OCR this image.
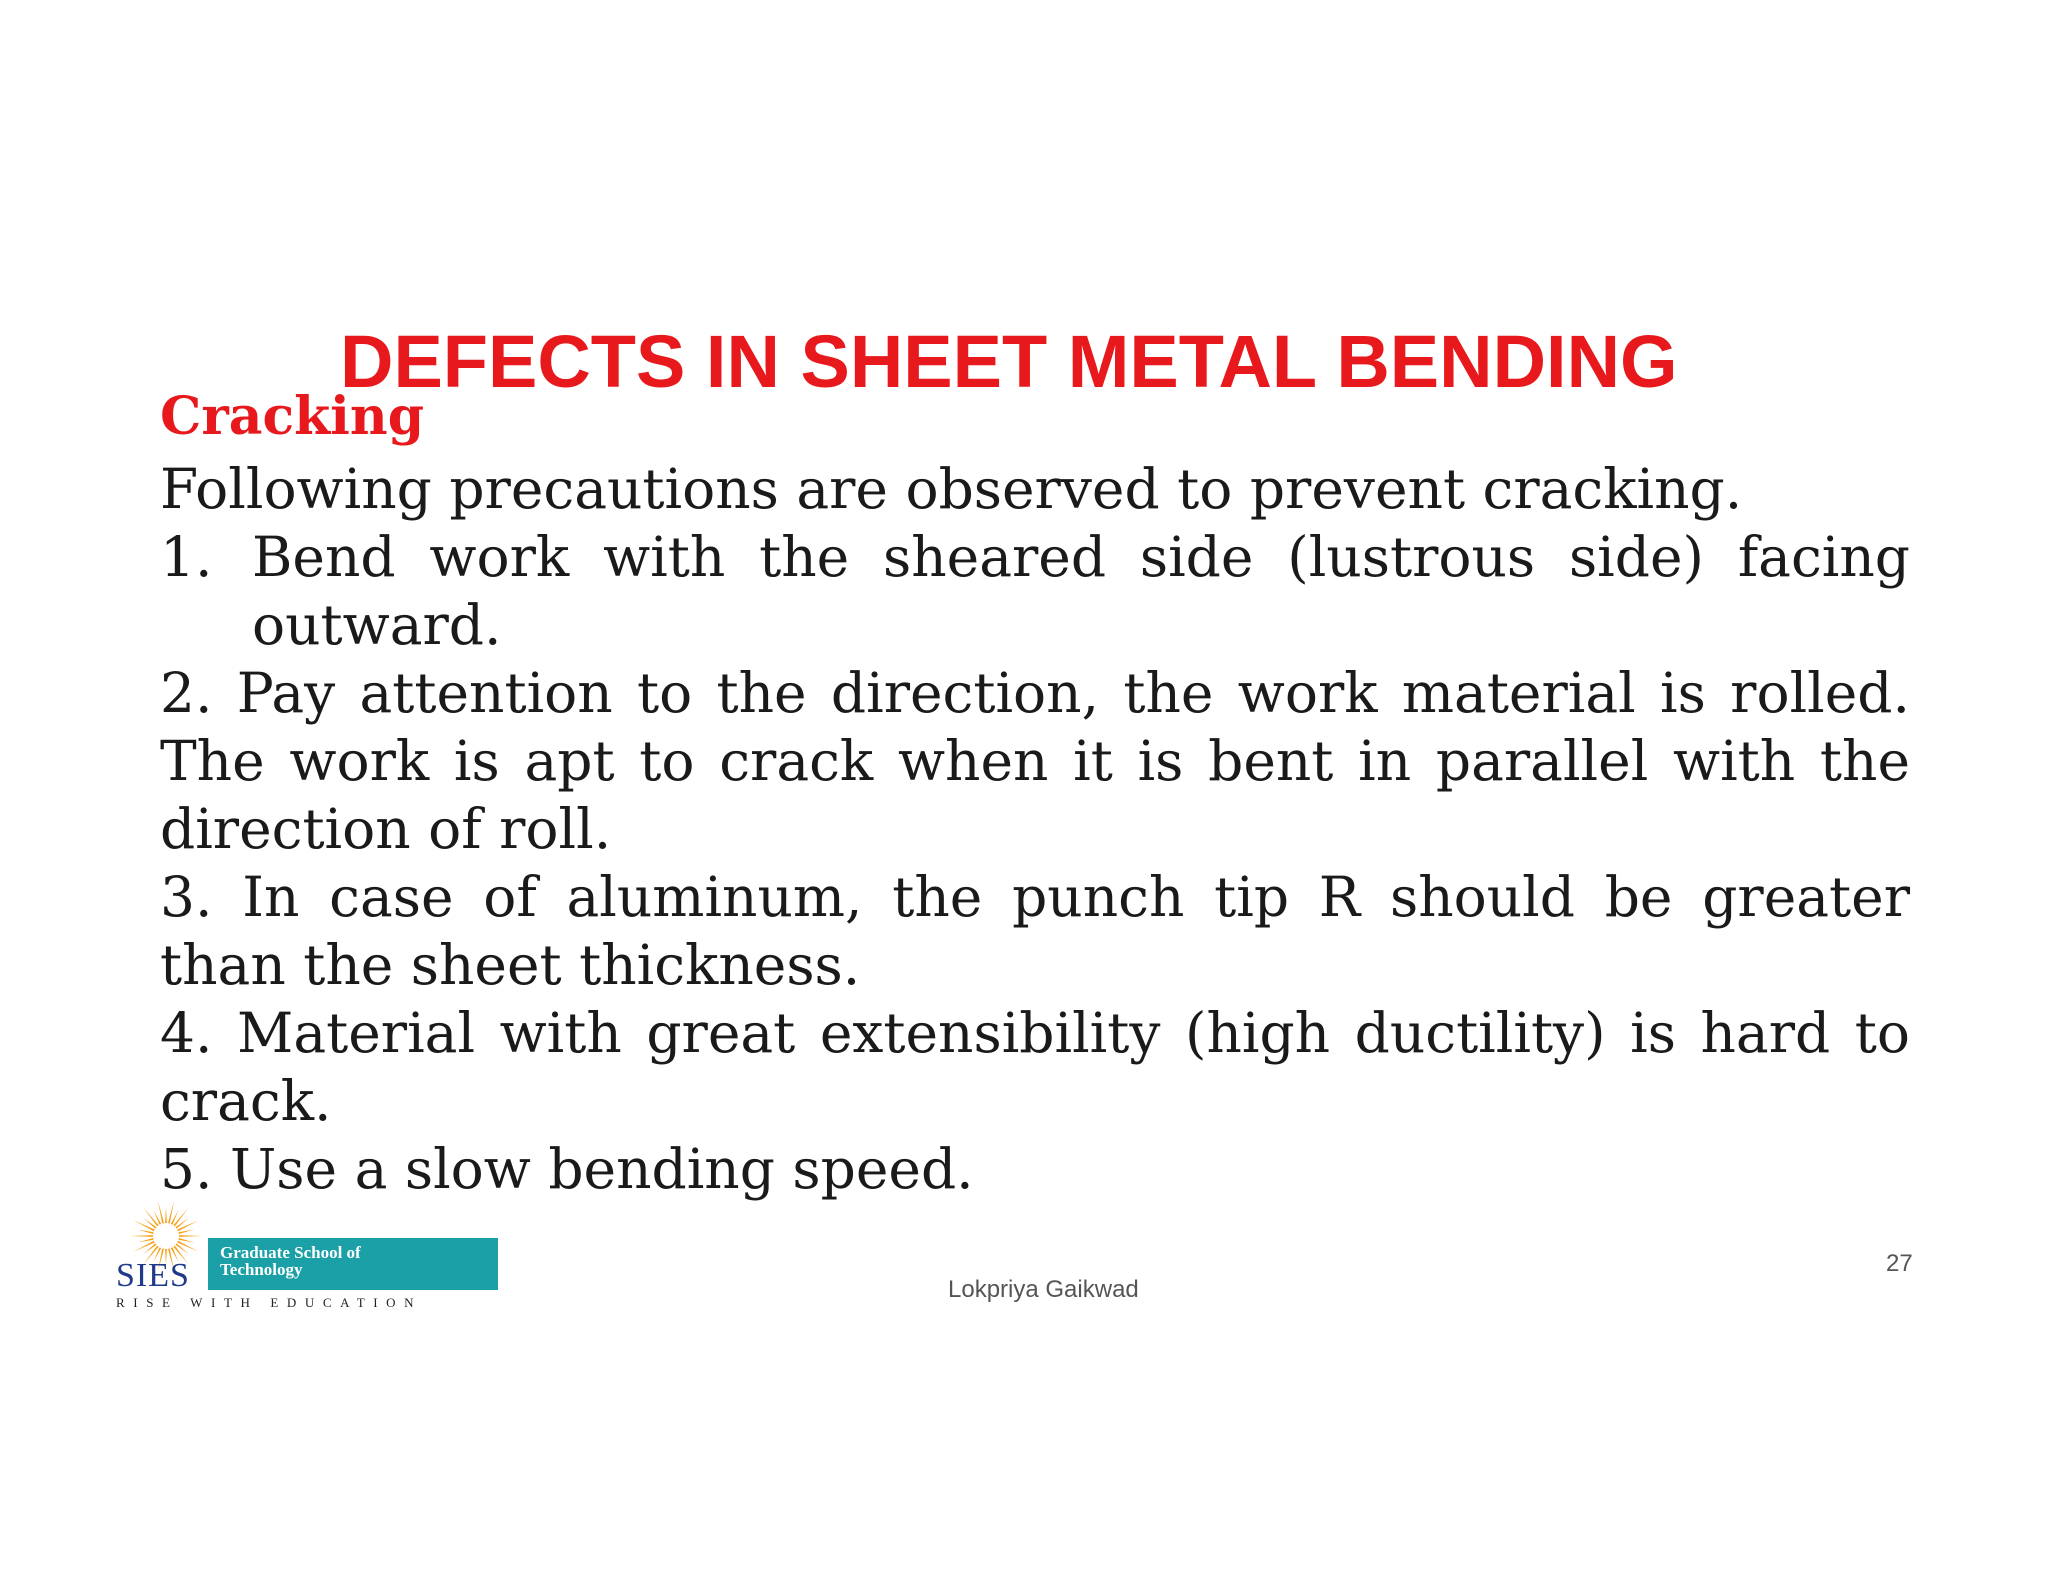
DEFECTS IN SHEET METAL BENDING
Cracking

Following precautions are observed to prevent cracking.

1. Bend work with the sheared side (lustrous side) facing outward.

2. Pay attention to the direction, the work material is rolled. The work is apt to crack when it is bent in parallel with the direction of roll.

3. In case of aluminum, the punch tip R should be greater than the sheet thickness.

4. Material with great extensibility (high ductility) is hard to crack.

5. Use a slow bending speed.

SIES
Graduate School of
Technology
RISE WITH EDUCATION	Lokpriya Gaikwad
27
